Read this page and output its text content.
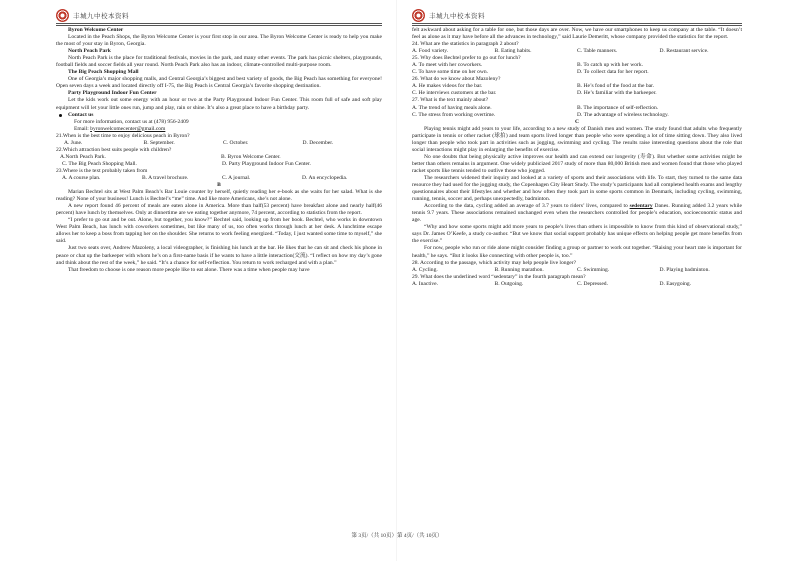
丰城九中校本资料

Byron Welcome Center

Located in the Peach Shops, the Byron Welcome Center is your first stop in our area. The Byron Welcome Center is ready to help you make the most of your stay in Byron, Georgia.

North Peach Park

North Peach Park is the place for traditional festivals, movies in the park, and many other events. The park has picnic shelters, playgrounds, football fields and soccer fields all year round. North Peach Park also has an indoor, climate-controlled multi-purpose room.

The Big Peach Shopping Mall

One of Georgia’s major shopping malls, and Central Georgia’s biggest and best variety of goods, the Big Peach has something for everyone! Open seven days a week and located directly off I-75, the Big Peach is Central Georgia’s favorite shopping destination.

Party Playground Indoor Fun Center

Let the kids work out some energy with an hour or two at the Party Playground Indoor Fun Center. This room full of safe and soft play equipment will let your little ones run, jump and play, rain or shine. It’s also a great place to have a birthday party.

Contact us

For more information, contact us at (478) 956-2409

Email: byronwelcomecenter@gmail.com

21.When is the best time to enjoy delicious peach in Byron?

A. June.	B. September.	C. October.	D. December.

22.Which attraction best suits people with children?

A.North Peach Park.	B. Byron Welcome Center.
C. The Big Peach Shopping Mall.	D. Party Playground Indoor Fun Center.

23.Where is the text probably taken from

A. A course plan.	B. A travel brochure.	C. A journal.	D. An encyclopedia.

B

Marian Bechtel sits at West Palm Beach’s Bar Louie counter by herself, quietly reading her e-book as she waits for her salad. What is she reading? None of your business! Lunch is Bechtel’s “me” time. And like more Americans, she’s not alone.

A new report found 46 percent of meals are eaten alone in America. More than half(53 percent) have breakfast alone and nearly half(46 percent) have lunch by themselves. Only at dinnertime are we eating together anymore, 74 percent, according to statistics from the report.

“I prefer to go out and be out. Alone, but together, you know?” Bechtel said, looking up from her book. Bechtel, who works in downtown West Palm Beach, has lunch with coworkers sometimes, but like many of us, too often works through lunch at her desk. A lunchtime escape allows her to keep a boss from tapping her on the shoulder. She returns to work feeling energized. “Today, I just wanted some time to myself,” she said.

Just two seats over, Andrew Mazoleny, a local videographer, is finishing his lunch at the bar. He likes that he can sit and check his phone in peace or chat up the barkeeper with whom he’s on a first-name basis if he wants to have a little interaction(交流). “I reflect on how my day’s gone and think about the rest of the week,” he said. “It’s a chance for self-reflection. You return to work recharged and with a plan.”

That freedom to choose is one reason more people like to eat alone. There was a time when people may have

丰城九中校本资料

felt awkward about asking for a table for one, but those days are over. Now, we have our smartphones to keep us company at the table. “It doesn’t feel as alone as it may have before all the advances in technology,” said Laurie Demeritt, whose company provided the statistics for the report.

24. What are the statistics in paragraph 2 about?

A. Food variety.	B. Eating habits.	C. Table manners.	D. Restaurant service.

25. Why does Bechtel prefer to go out for lunch?

A. To meet with her coworkers.	B. To catch up with her work.
C. To have some time on her own.	D. To collect data for her report.

26. What do we know about Mazoleny?

A. He makes videos for the bar.	B. He’s fond of the food at the bar.
C. He interviews customers at the bar.	D. He’s familiar with the barkeeper.

27. What is the text mainly about?

A. The trend of having meals alone.	B. The importance of self-reflection.
C. The stress from working overtime.	D. The advantage of wireless technology.

C

Playing tennis might add years to your life, according to a new study of Danish men and women. The study found that adults who frequently participate in tennis or other racket (球拍) and team sports lived longer than people who were spending a lot of time sitting down. They also lived longer than people who took part in activities such as jogging, swimming and cycling. The results raise interesting questions about the role that social interactions might play in enlarging the benefits of exercise.

No one doubts that being physically active improves our health and can extend our longevity (寿命). But whether some activities might be better than others remains in argument. One widely publicized 2017 study of more than 80,000 British men and women found that those who played racket sports like tennis tended to outlive those who jogged.

The researchers widened their inquiry and looked at a variety of sports and their associations with life. To start, they turned to the same data resource they had used for the jogging study, the Copenhagen City Heart Study. The study’s participants had all completed health exams and lengthy questionnaires about their lifestyles and whether and how often they took part in some sports common in Denmark, including cycling, swimming, running, tennis, soccer and, perhaps unexpectedly, badminton.

According to the data, cycling added an average of 3.7 years to riders’ lives, compared to sedentary Danes. Running added 3.2 years while tennis 9.7 years. These associations remained unchanged even when the researchers controlled for people’s education, socioeconomic status and age.

“Why and how some sports might add more years to people’s lives than others is impossible to know from this kind of observational study,” says Dr. James O’Keefe, a study co-author. “But we know that social support probably has unique effects on helping people get more benefits from the exercise.”

For now, people who run or ride alone might consider finding a group or partner to work out together. “Raising your heart rate is important for health,” he says. “But it looks like connecting with other people is, too.”

28. According to the passage, which activity may help people live longer?

A. Cycling.	B. Running marathon.	C. Swimming.	D. Playing badminton.

29. What does the underlined word “sedentary” in the fourth paragraph mean?

A. Inactive.	B. Outgoing.	C. Depressed.	D. Easygoing.
第 3页/（共 10页）第 4页/（共 10页）
